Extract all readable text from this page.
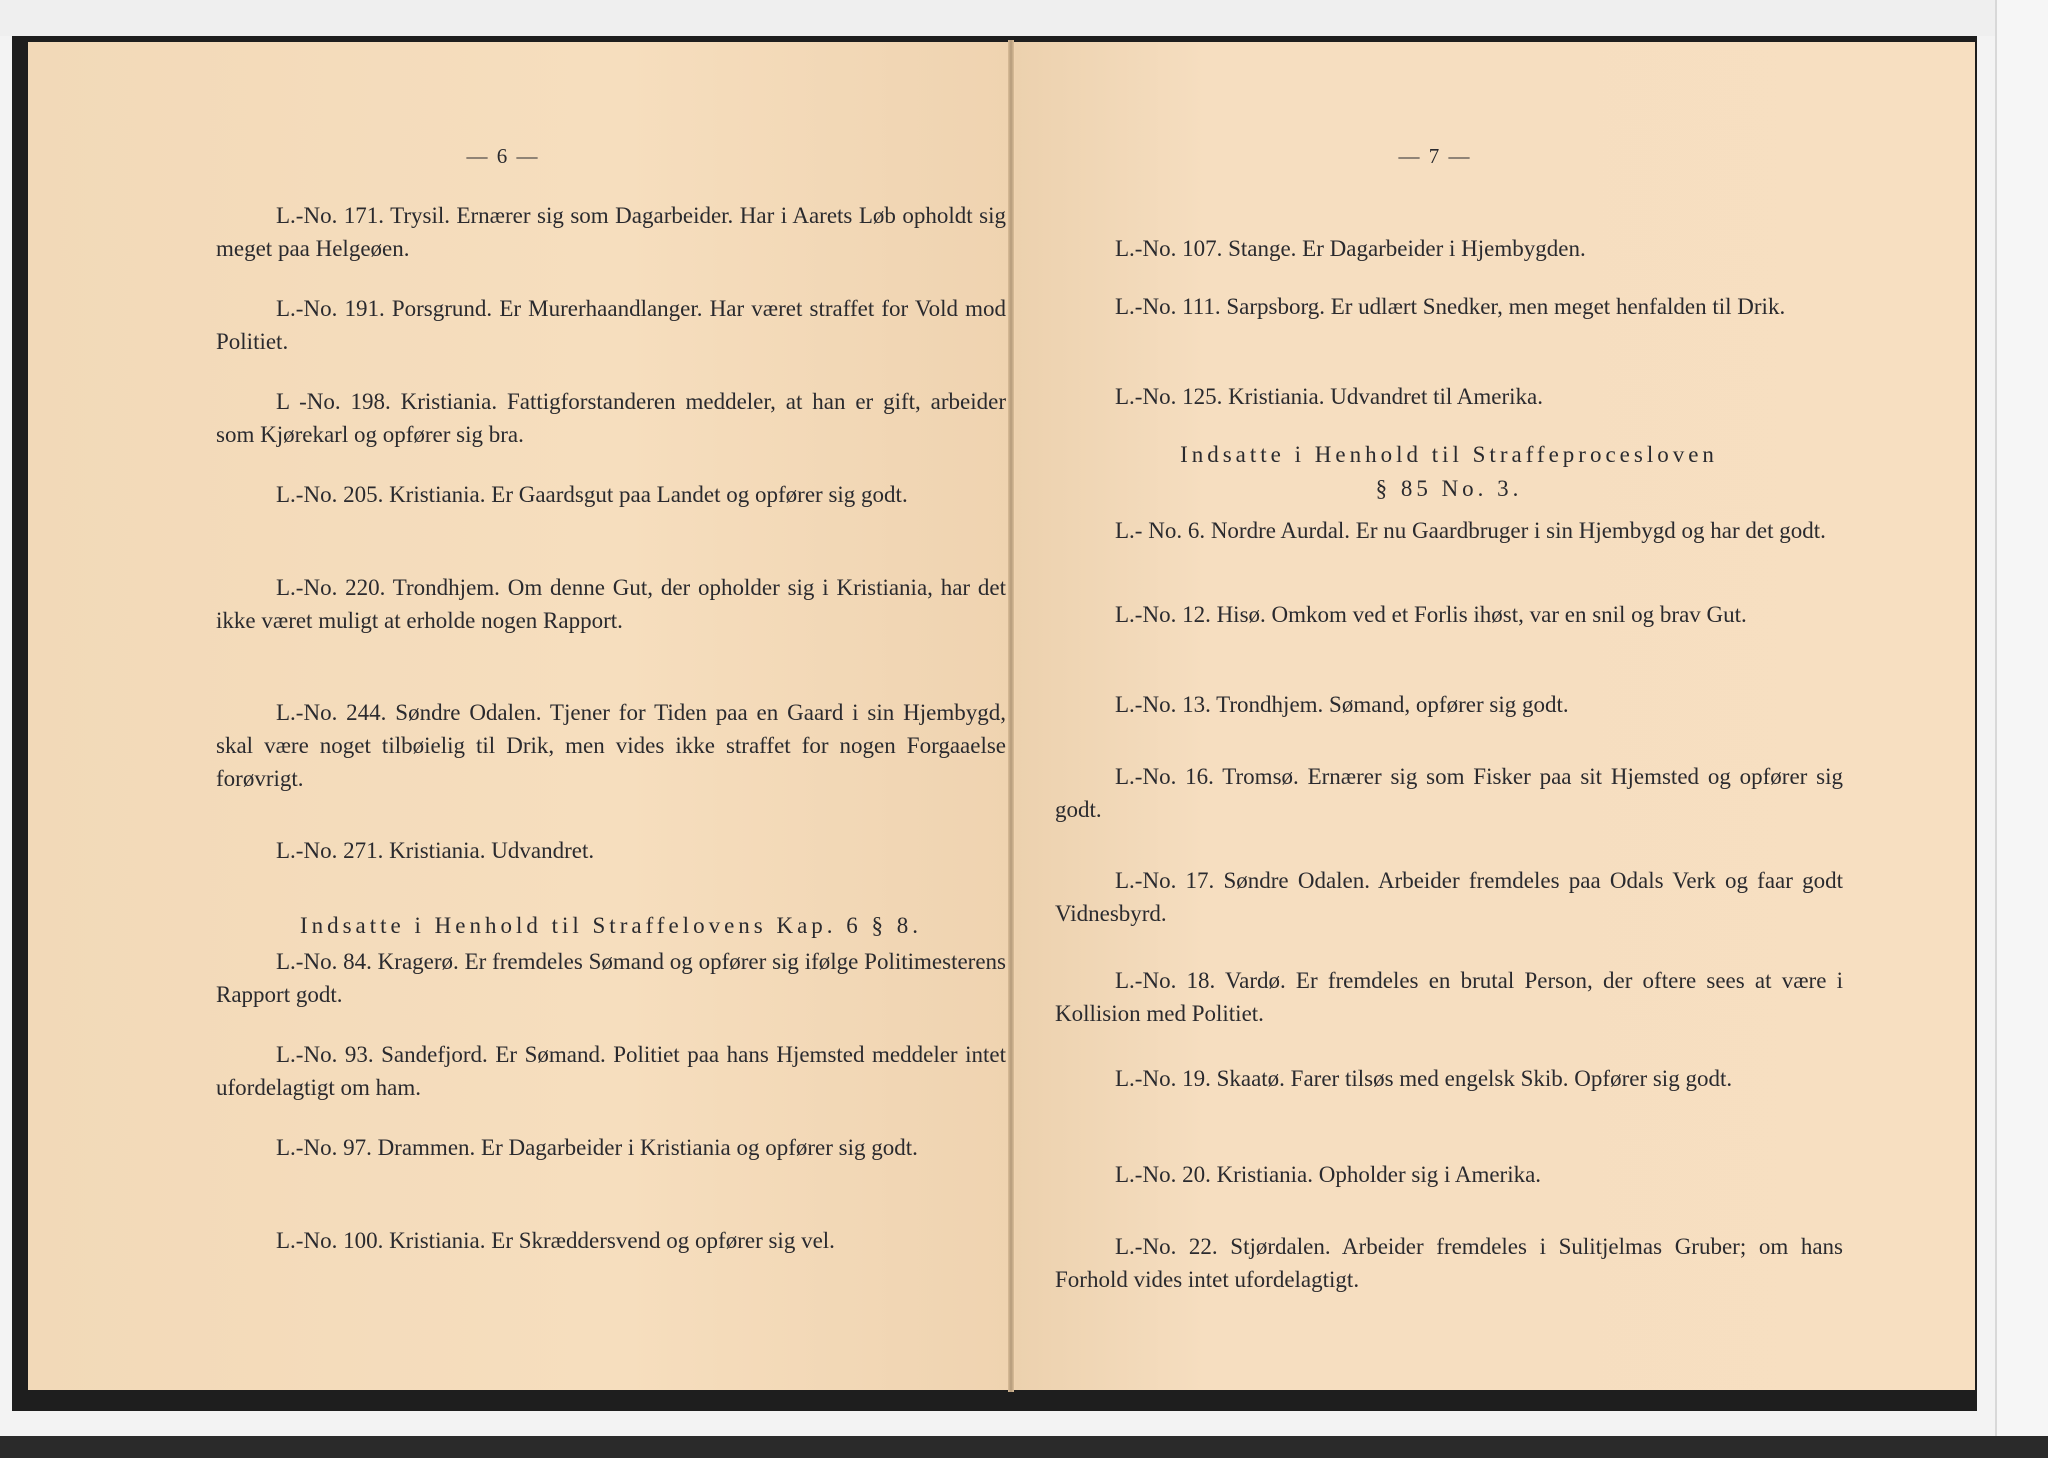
— 6 —

L.-No. 171. Trysil. Ernærer sig som Dagarbeider. Har i Aarets Løb opholdt sig meget paa Helgeøen.

L.-No. 191. Porsgrund. Er Murerhaandlanger. Har været straffet for Vold mod Politiet.

L -No. 198. Kristiania. Fattigforstanderen meddeler, at han er gift, arbeider som Kjørekarl og opfører sig bra.

L.-No. 205. Kristiania. Er Gaardsgut paa Landet og opfører sig godt.

L.-No. 220. Trondhjem. Om denne Gut, der opholder sig i Kristiania, har det ikke været muligt at erholde nogen Rapport.

L.-No. 244. Søndre Odalen. Tjener for Tiden paa en Gaard i sin Hjembygd, skal være noget tilbøielig til Drik, men vides ikke straffet for nogen Forgaaelse forøvrigt.

L.-No. 271. Kristiania. Udvandret.

Indsatte i Henhold til Straffelovens Kap. 6 § 8.

L.-No. 84. Kragerø. Er fremdeles Sømand og opfører sig ifølge Politimesterens Rapport godt.

L.-No. 93. Sandefjord. Er Sømand. Politiet paa hans Hjemsted meddeler intet ufordelagtigt om ham.

L.-No. 97. Drammen. Er Dagarbeider i Kristiania og opfører sig godt.

L.-No. 100. Kristiania. Er Skræddersvend og opfører sig vel.

— 7 —

L.-No. 107. Stange. Er Dagarbeider i Hjembygden.

L.-No. 111. Sarpsborg. Er udlært Snedker, men meget henfalden til Drik.

L.-No. 125. Kristiania. Udvandret til Amerika.

Indsatte i Henhold til Straffeprocesloven
§ 85 No. 3.

L.- No. 6. Nordre Aurdal. Er nu Gaardbruger i sin Hjembygd og har det godt.

L.-No. 12. Hisø. Omkom ved et Forlis ihøst, var en snil og brav Gut.

L.-No. 13. Trondhjem. Sømand, opfører sig godt.

L.-No. 16. Tromsø. Ernærer sig som Fisker paa sit Hjemsted og opfører sig godt.

L.-No. 17. Søndre Odalen. Arbeider fremdeles paa Odals Verk og faar godt Vidnesbyrd.

L.-No. 18. Vardø. Er fremdeles en brutal Person, der oftere sees at være i Kollision med Politiet.

L.-No. 19. Skaatø. Farer tilsøs med engelsk Skib. Opfører sig godt.

L.-No. 20. Kristiania. Opholder sig i Amerika.

L.-No. 22. Stjørdalen. Arbeider fremdeles i Sulitjelmas Gruber; om hans Forhold vides intet ufordelagtigt.
